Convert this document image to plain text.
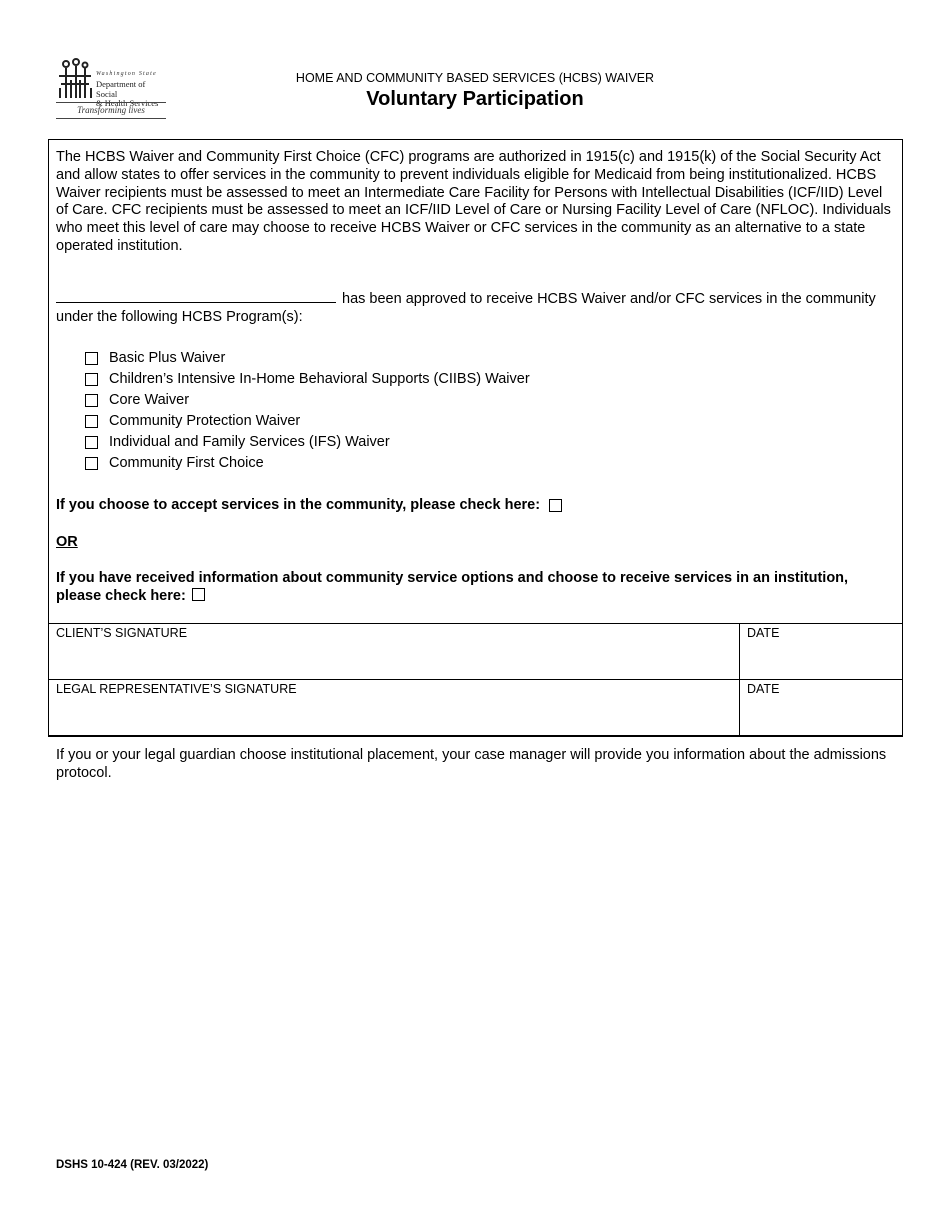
Washington State
Department of Social
& Health Services
Transforming lives
HOME AND COMMUNITY BASED SERVICES (HCBS) WAIVER
Voluntary Participation
The HCBS Waiver and Community First Choice (CFC) programs are authorized in 1915(c) and 1915(k) of the Social Security Act and allow states to offer services in the community to prevent individuals eligible for Medicaid from being institutionalized. HCBS Waiver recipients must be assessed to meet an Intermediate Care Facility for Persons with Intellectual Disabilities (ICF/IID) Level of Care. CFC recipients must be assessed to meet an ICF/IID Level of Care or Nursing Facility Level of Care (NFLOC). Individuals who meet this level of care may choose to receive HCBS Waiver or CFC services in the community as an alternative to a state operated institution.
has been approved to receive HCBS Waiver and/or CFC services in the community under the following HCBS Program(s):
Basic Plus Waiver
Children’s Intensive In-Home Behavioral Supports (CIIBS) Waiver
Core Waiver
Community Protection Waiver
Individual and Family Services (IFS) Waiver
Community First Choice
If you choose to accept services in the community, please check here:
OR
If you have received information about community service options and choose to receive services in an institution, please check here:
CLIENT’S SIGNATURE	DATE
LEGAL REPRESENTATIVE’S SIGNATURE	DATE
If you or your legal guardian choose institutional placement, your case manager will provide you information about the admissions protocol.
DSHS 10-424 (REV. 03/2022)
